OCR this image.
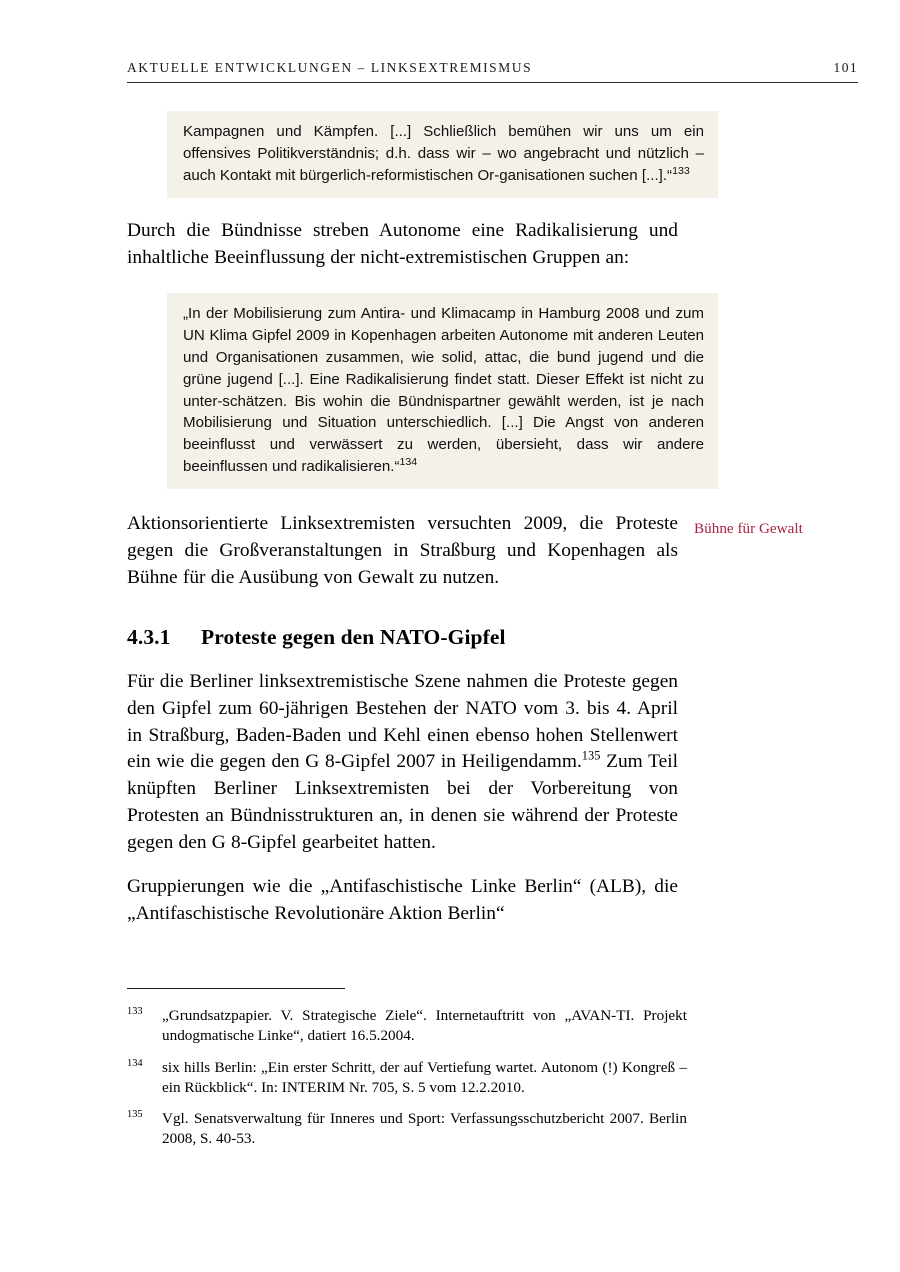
AKTUELLE ENTWICKLUNGEN – LINKSEXTREMISMUS	101

Kampagnen und Kämpfen. [...] Schließlich bemühen wir uns um ein offensives Politikverständnis; d.h. dass wir – wo angebracht und nützlich – auch Kontakt mit bürgerlich-reformistischen Or-ganisationen suchen [...].“$^{133}$

Durch die Bündnisse streben Autonome eine Radikalisierung und inhaltliche Beeinflussung der nicht-extremistischen Gruppen an:

„In der Mobilisierung zum Antira- und Klimacamp in Hamburg 2008 und zum UN Klima Gipfel 2009 in Kopenhagen arbeiten Autonome mit anderen Leuten und Organisationen zusammen, wie solid, attac, die bund jugend und die grüne jugend [...]. Eine Radikalisierung findet statt. Dieser Effekt ist nicht zu unter-schätzen. Bis wohin die Bündnispartner gewählt werden, ist je nach Mobilisierung und Situation unterschiedlich. [...] Die Angst von anderen beeinflusst und verwässert zu werden, übersieht, dass wir andere beeinflussen und radikalisieren.“$^{134}$

Aktionsorientierte Linksextremisten versuchten 2009, die Proteste gegen die Großveranstaltungen in Straßburg und Kopenhagen als Bühne für die Ausübung von Gewalt zu nutzen.

4.3.1 Proteste gegen den NATO-Gipfel

Für die Berliner linksextremistische Szene nahmen die Proteste gegen den Gipfel zum 60-jährigen Bestehen der NATO vom 3. bis 4. April in Straßburg, Baden-Baden und Kehl einen ebenso hohen Stellenwert ein wie die gegen den G 8-Gipfel 2007 in Heiligendamm.$^{135}$ Zum Teil knüpften Berliner Linksextremisten bei der Vorbereitung von Protesten an Bündnisstrukturen an, in denen sie während der Proteste gegen den G 8-Gipfel gearbeitet hatten.

Gruppierungen wie die „Antifaschistische Linke Berlin“ (ALB), die „Antifaschistische Revolutionäre Aktion Berlin“

Bühne für Gewalt
133	„Grundsatzpapier. V. Strategische Ziele“. Internetauftritt von „AVAN-TI. Projekt undogmatische Linke“, datiert 16.5.2004.
134	six hills Berlin: „Ein erster Schritt, der auf Vertiefung wartet. Autonom (!) Kongreß – ein Rückblick“. In: INTERIM Nr. 705, S. 5 vom 12.2.2010.
135	Vgl. Senatsverwaltung für Inneres und Sport: Verfassungsschutzbericht 2007. Berlin 2008, S. 40-53.
